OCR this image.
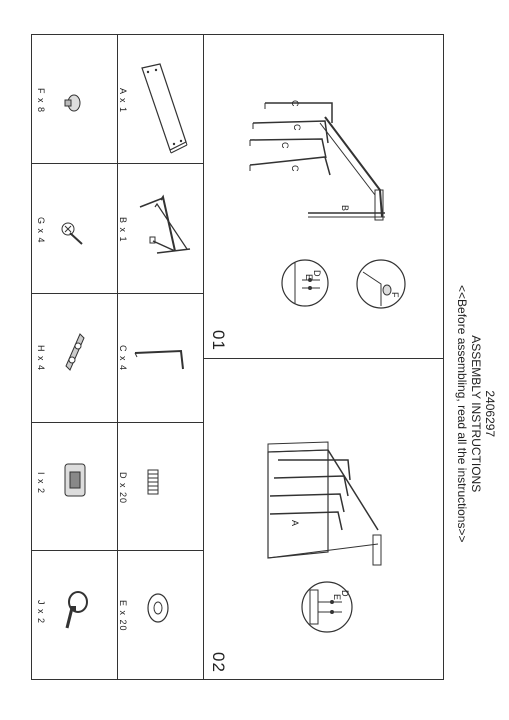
2406297
ASSEMBLY INSTRUCTIONS
<<Before assembling, read all the instructions>>
01
02
A x 1
B x 1
C x 4
D x 20
E x 20
F x 8
G x 4
H x 4
I x 2
J x 2
C
C
C
C
B
D
E
F
A
D
E
